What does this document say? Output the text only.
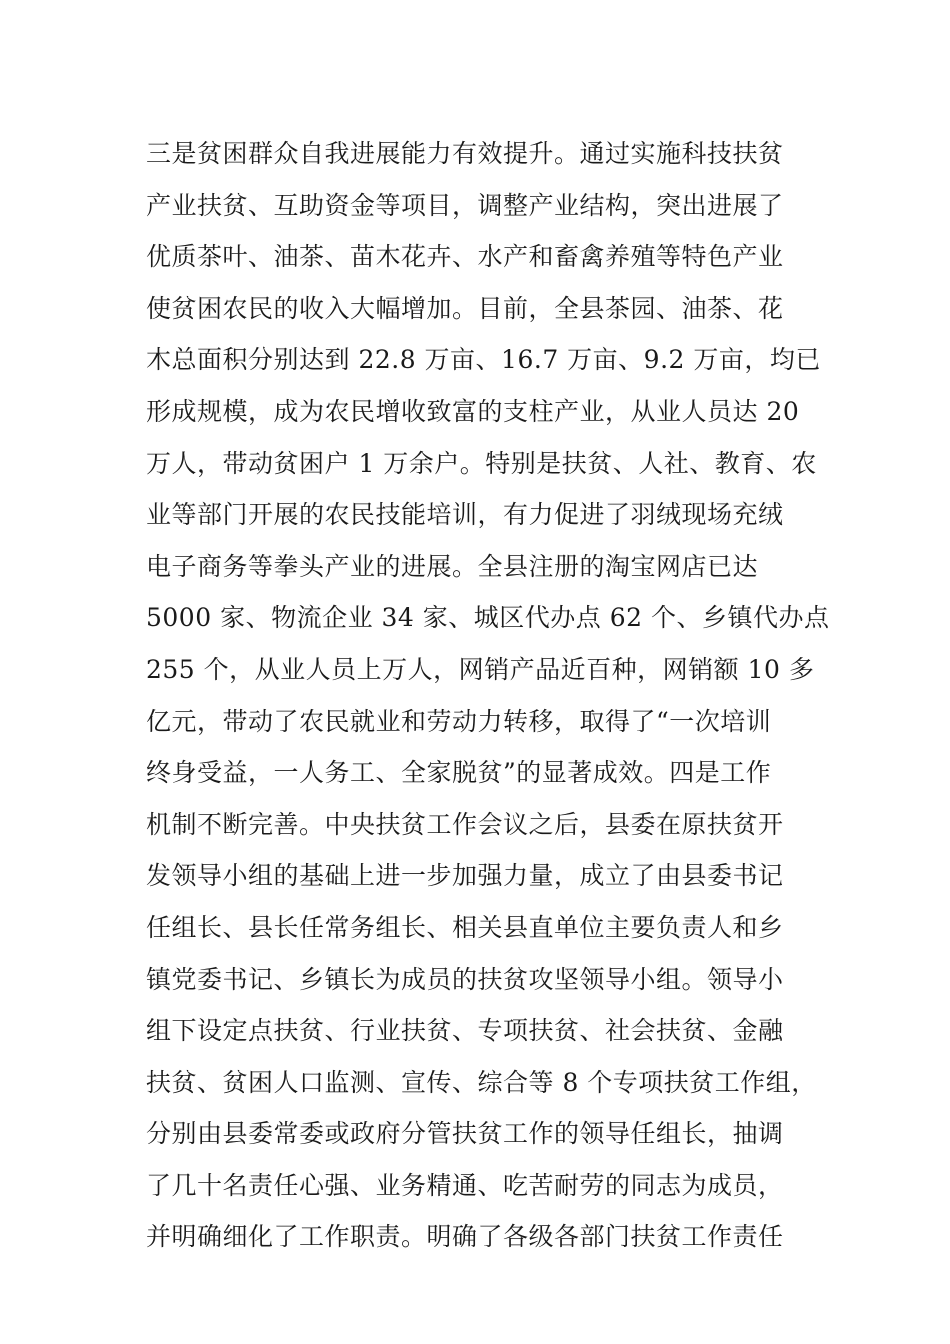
三是贫困群众自我进展能力有效提升。通过实施科技扶贫
产业扶贫、互助资金等项目，调整产业结构，突出进展了
优质茶叶、油茶、苗木花卉、水产和畜禽养殖等特色产业
使贫困农民的收入大幅增加。目前，全县茶园、油茶、花
木总面积分别达到 22.8 万亩、16.7 万亩、9.2 万亩，均已
形成规模，成为农民增收致富的支柱产业，从业人员达 20
万人，带动贫困户 1 万余户。特别是扶贫、人社、教育、农
业等部门开展的农民技能培训，有力促进了羽绒现场充绒
电子商务等拳头产业的进展。全县注册的淘宝网店已达
5000 家、物流企业 34 家、城区代办点 62 个、乡镇代办点
255 个，从业人员上万人，网销产品近百种，网销额 10 多
亿元，带动了农民就业和劳动力转移，取得了“一次培训
终身受益，一人务工、全家脱贫”的显著成效。四是工作
机制不断完善。中央扶贫工作会议之后，县委在原扶贫开
发领导小组的基础上进一步加强力量，成立了由县委书记
任组长、县长任常务组长、相关县直单位主要负责人和乡
镇党委书记、乡镇长为成员的扶贫攻坚领导小组。领导小
组下设定点扶贫、行业扶贫、专项扶贫、社会扶贫、金融
扶贫、贫困人口监测、宣传、综合等 8 个专项扶贫工作组，
分别由县委常委或政府分管扶贫工作的领导任组长，抽调
了几十名责任心强、业务精通、吃苦耐劳的同志为成员，
并明确细化了工作职责。明确了各级各部门扶贫工作责任
